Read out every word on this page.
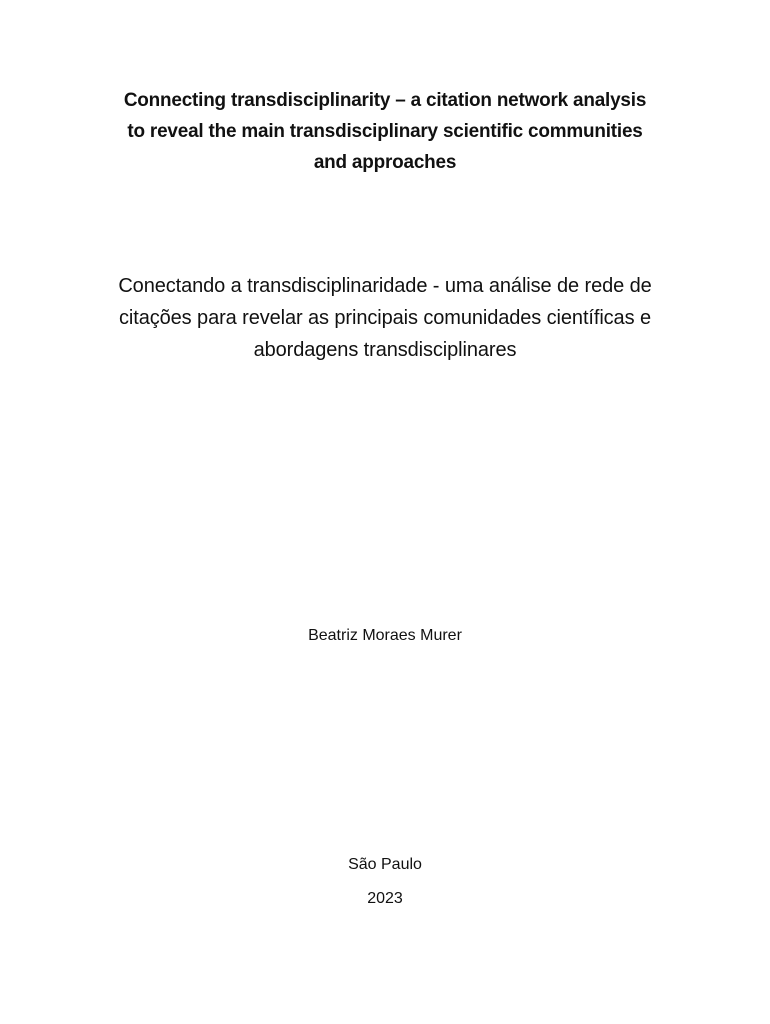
Connecting transdisciplinarity – a citation network analysis
to reveal the main transdisciplinary scientific communities
and approaches
Conectando a transdisciplinaridade - uma análise de rede de
citações para revelar as principais comunidades científicas e
abordagens transdisciplinares
Beatriz Moraes Murer
São Paulo
2023
